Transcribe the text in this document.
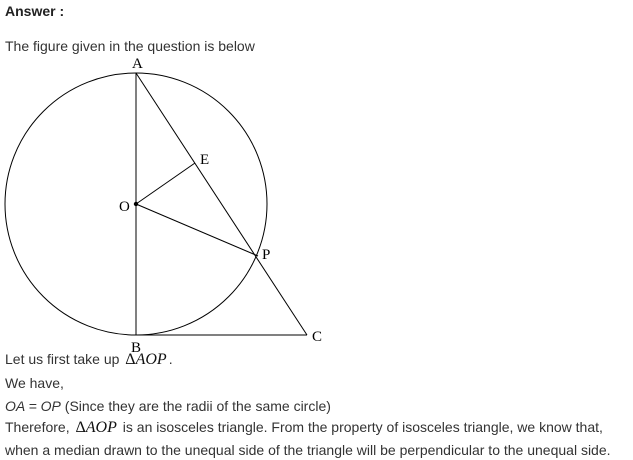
Answer :
The figure given in the question is below
A
B
C
E
O
P
Let us first take up ΔAOP .
We have,
OA = OP (Since they are the radii of the same circle)
Therefore, ΔAOP is an isosceles triangle. From the property of isosceles triangle, we know that,
when a median drawn to the unequal side of the triangle will be perpendicular to the unequal side.
